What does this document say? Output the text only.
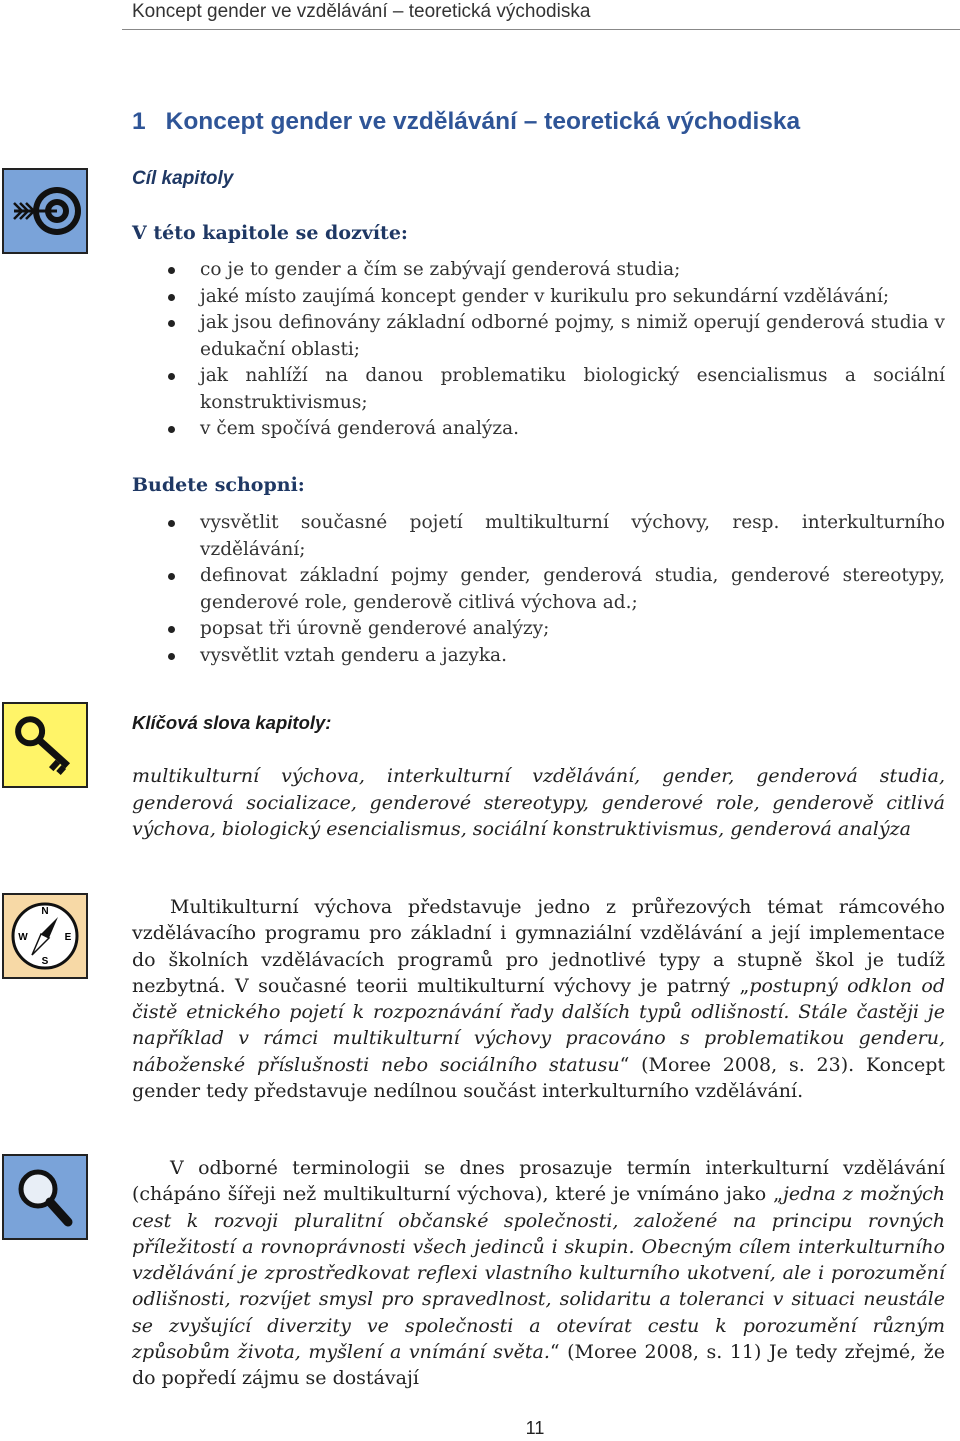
Koncept gender ve vzdělávání – teoretická východiska
1 Koncept gender ve vzdělávání – teoretická východiska
Cíl kapitoly
V této kapitole se dozvíte:
co je to gender a čím se zabývají genderová studia;
jaké místo zaujímá koncept gender v kurikulu pro sekundární vzdělávání;
jak jsou definovány základní odborné pojmy, s nimiž operují genderová studia v edukační oblasti;
jak nahlíží na danou problematiku biologický esencialismus a sociální konstruktivismus;
v čem spočívá genderová analýza.
Budete schopni:
vysvětlit současné pojetí multikulturní výchovy, resp. interkulturního vzdělávání;
definovat základní pojmy gender, genderová studia, genderové stereotypy, genderové role, genderově citlivá výchova ad.;
popsat tři úrovně genderové analýzy;
vysvětlit vztah genderu a jazyka.
Klíčová slova kapitoly:

multikulturní výchova, interkulturní vzdělávání, gender, genderová studia, genderová socializace, genderové stereotypy, genderové role, genderově citlivá výchova, biologický esencialismus, sociální konstruktivismus, genderová analýza

N
S
W	E

Multikulturní výchova představuje jedno z průřezových témat rámcového vzdělávacího programu pro základní i gymnaziální vzdělávání a její implementace do školních vzdělávacích programů pro jednotlivé typy a stupně škol je tudíž nezbytná. V současné teorii multikulturní výchovy je patrný „postupný odklon od čistě etnického pojetí k rozpoznávání řady dalších typů odlišností. Stále častěji je například v rámci multikulturní výchovy pracováno s problematikou genderu, náboženské příslušnosti nebo sociálního statusu“ (Moree 2008, s. 23). Koncept gender tedy představuje nedílnou součást interkulturního vzdělávání.

V odborné terminologii se dnes prosazuje termín interkulturní vzdělávání (chápáno šířeji než multikulturní výchova), které je vnímáno jako „jedna z možných cest k rozvoji pluralitní občanské společnosti, založené na principu rovných příležitostí a rovnoprávnosti všech jedinců i skupin. Obecným cílem interkulturního vzdělávání je zprostředkovat reflexi vlastního kulturního ukotvení, ale i porozumění odlišnosti, rozvíjet smysl pro spravedlnost, solidaritu a toleranci v situaci neustále se zvyšující diverzity ve společnosti a otevírat cestu k porozumění různým způsobům života, myšlení a vnímání světa.“ (Moree 2008, s. 11) Je tedy zřejmé, že do popředí zájmu se dostávají

11
